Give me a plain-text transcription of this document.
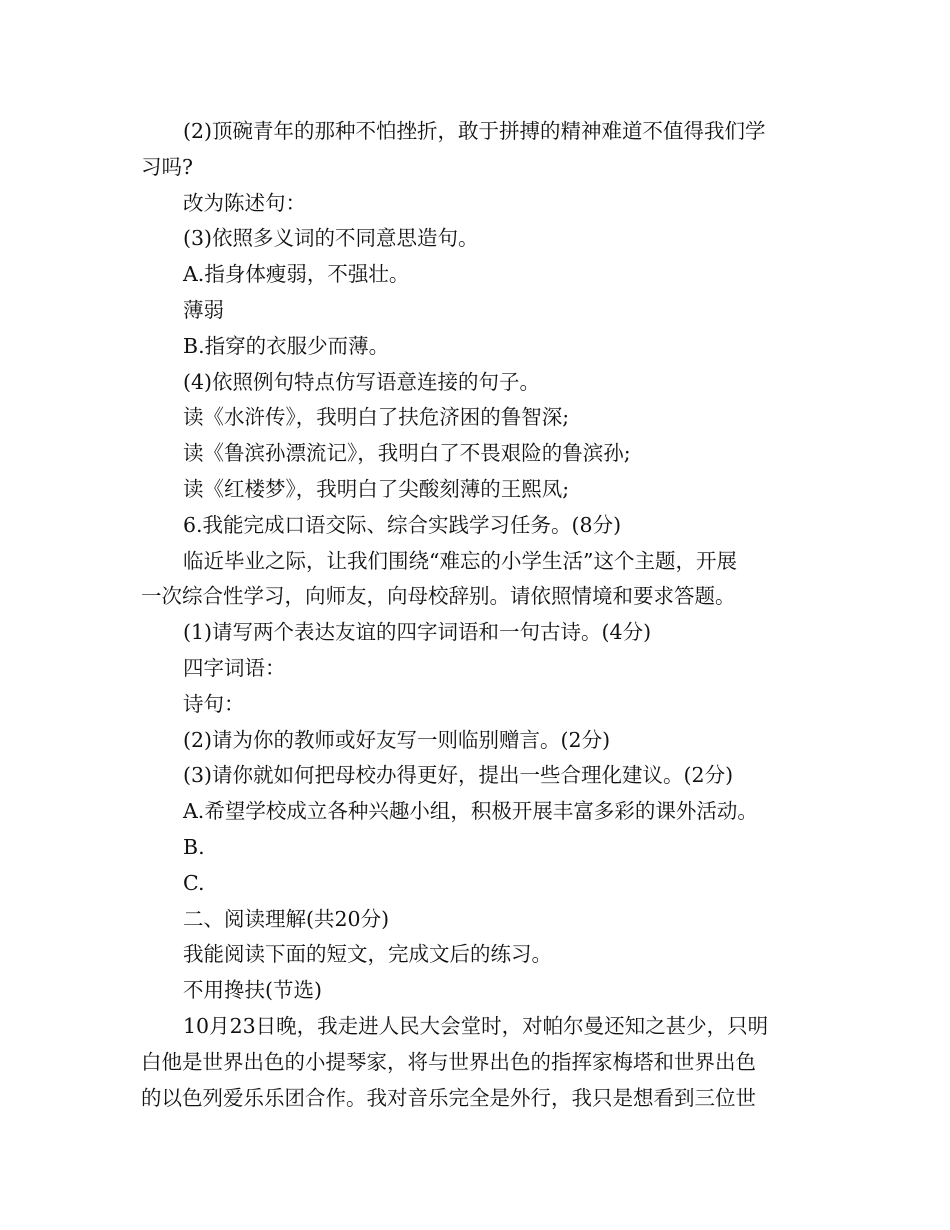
(2)顶碗青年的那种不怕挫折，敢于拼搏的精神难道不值得我们学
习吗?
改为陈述句：
(3)依照多义词的不同意思造句。
A.指身体瘦弱，不强壮。
薄弱
B.指穿的衣服少而薄。
(4)依照例句特点仿写语意连接的句子。
读《水浒传》，我明白了扶危济困的鲁智深;
读《鲁滨孙漂流记》，我明白了不畏艰险的鲁滨孙;
读《红楼梦》，我明白了尖酸刻薄的王熙凤;
6.我能完成口语交际、综合实践学习任务。(8分)
临近毕业之际，让我们围绕“难忘的小学生活”这个主题，开展
一次综合性学习，向师友，向母校辞别。请依照情境和要求答题。
(1)请写两个表达友谊的四字词语和一句古诗。(4分)
四字词语：
诗句：
(2)请为你的教师或好友写一则临别赠言。(2分)
(3)请你就如何把母校办得更好，提出一些合理化建议。(2分)
A.希望学校成立各种兴趣小组，积极开展丰富多彩的课外活动。
B.
C.
二、阅读理解(共20分)
我能阅读下面的短文，完成文后的练习。
不用搀扶(节选)
10月23日晚，我走进人民大会堂时，对帕尔曼还知之甚少，只明
白他是世界出色的小提琴家，将与世界出色的指挥家梅塔和世界出色
的以色列爱乐乐团合作。我对音乐完全是外行，我只是想看到三位世
